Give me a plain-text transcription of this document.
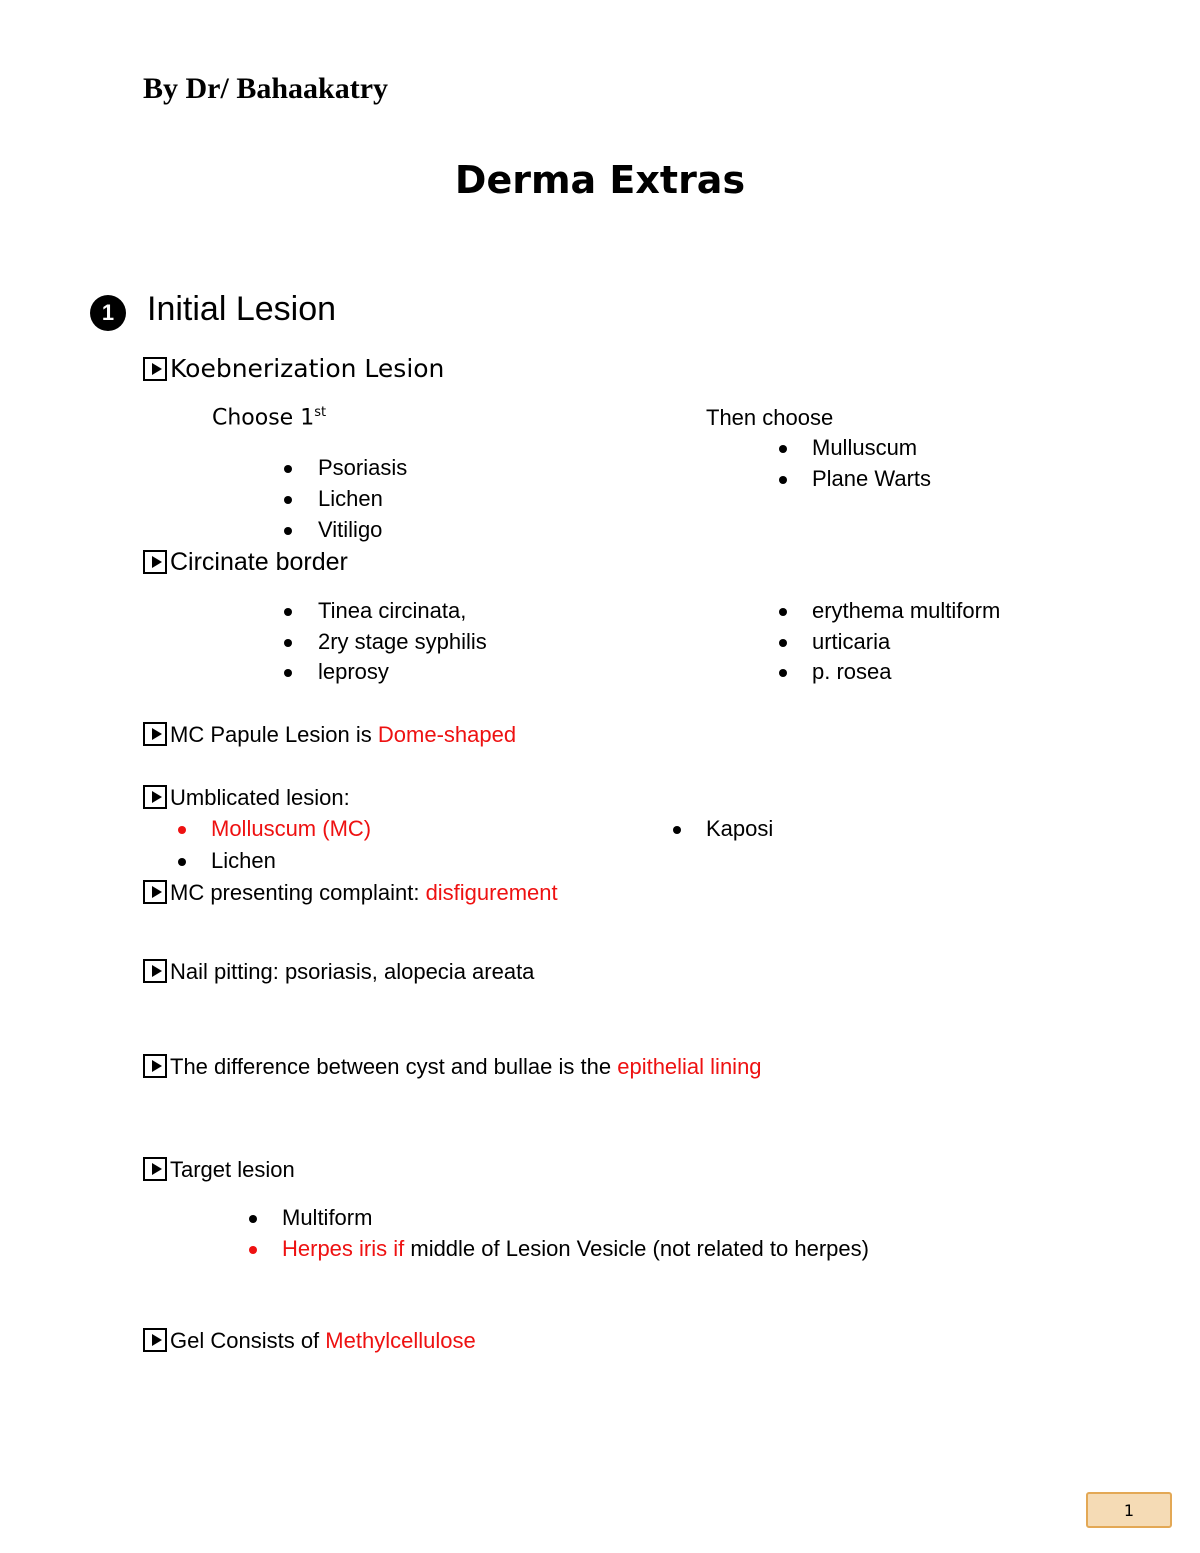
By Dr/ Bahaakatry
Derma Extras
1 Initial Lesion
Koebnerization Lesion
Choose 1st
Psoriasis
Lichen
Vitiligo
Then choose
Mulluscum
Plane Warts
Circinate border
Tinea circinata,
2ry stage syphilis
leprosy
erythema multiform
urticaria
p. rosea
MC Papule Lesion is Dome-shaped
Umblicated lesion:
Molluscum (MC)
Lichen
Kaposi
MC presenting complaint: disfigurement
Nail pitting: psoriasis, alopecia areata
The difference between cyst and bullae is the epithelial lining
Target lesion
Multiform
Herpes iris if middle of Lesion Vesicle (not related to herpes)
Gel Consists of Methylcellulose
1
